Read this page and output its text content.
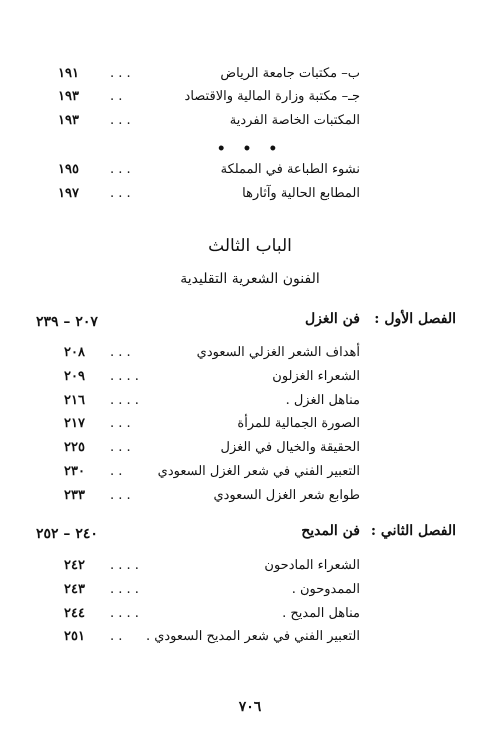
ب– مكتبات جامعة الرياض
. . .
١٩١
جـ– مكتبة وزارة المالية والاقتصاد
. .
١٩٣
المكتبات الخاصة الفردية
. . .
١٩٣
• • •
نشوء الطباعة في المملكة
. . .
١٩٥
المطابع الحالية وآثارها
. . .
١٩٧
الباب الثالث
الفنون الشعرية التقليدية
الفصل الأول :
فن الغزل
٢٠٧ – ٢٣٩
أهداف الشعر الغزلي السعودي
. . .
٢٠٨
الشعراء الغزلون
. . . .
٢٠٩
مناهل الغزل .
. . . .
٢١٦
الصورة الجمالية للمرأة
. . .
٢١٧
الحقيقة والخيال في الغزل
. . .
٢٢٥
التعبير الفني في شعر الغزل السعودي
. .
٢٣٠
طوابع شعر الغزل السعودي
. . .
٢٣٣
الفصل الثاني :
فن المديح
٢٤٠ – ٢٥٢
الشعراء المادحون
. . . .
٢٤٢
الممدوحون .
. . . .
٢٤٣
مناهل المديح .
. . . .
٢٤٤
التعبير الفني في شعر المديح السعودي .
. .
٢٥١
٧٠٦
